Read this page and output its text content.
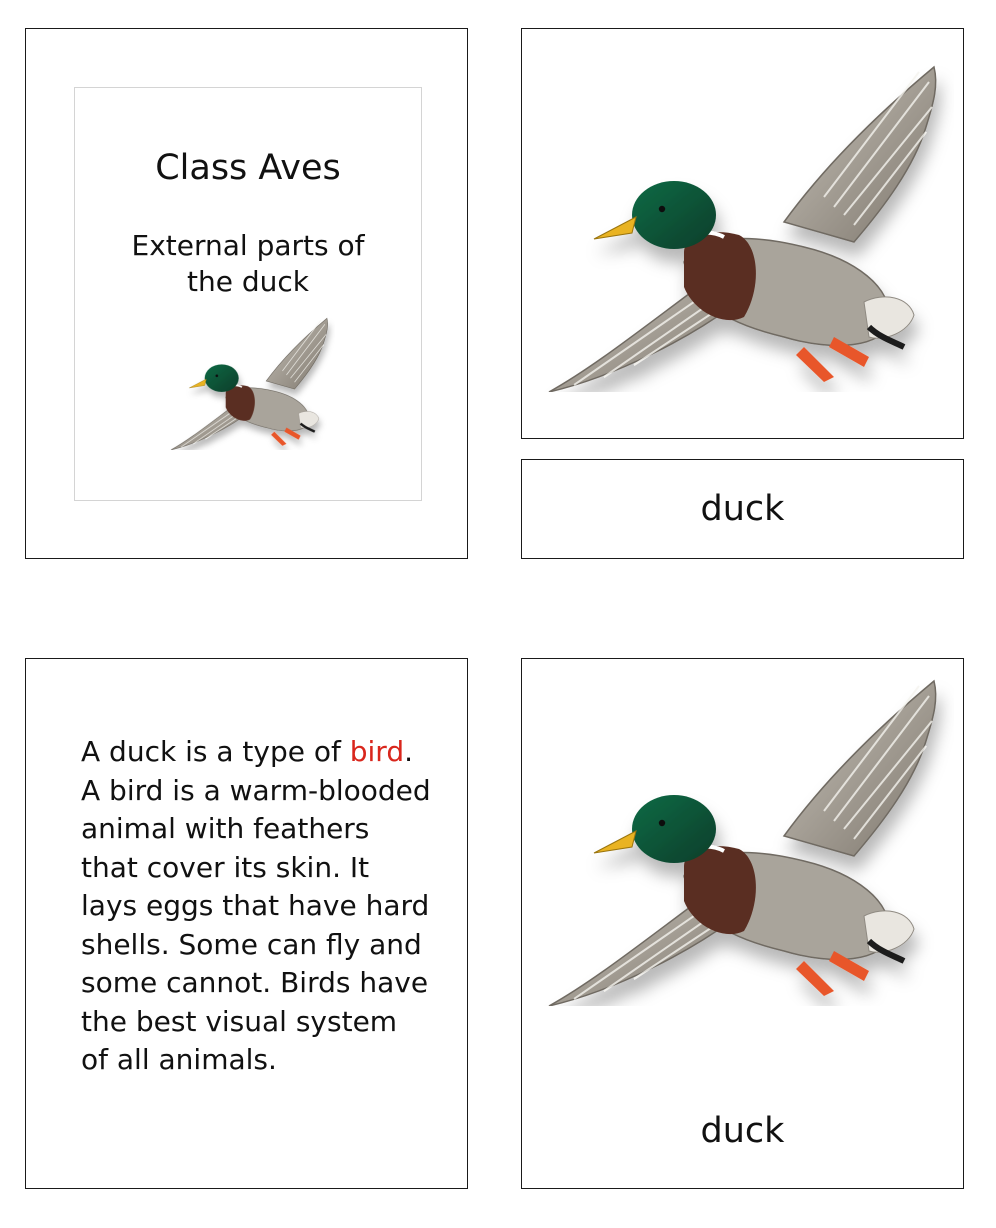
Class Aves
External parts of the duck
duck
A duck is a type of bird. A bird is a warm-blooded animal with feathers that cover its skin. It lays eggs that have hard shells. Some can fly and some cannot. Birds have the best visual system of all animals.
duck
